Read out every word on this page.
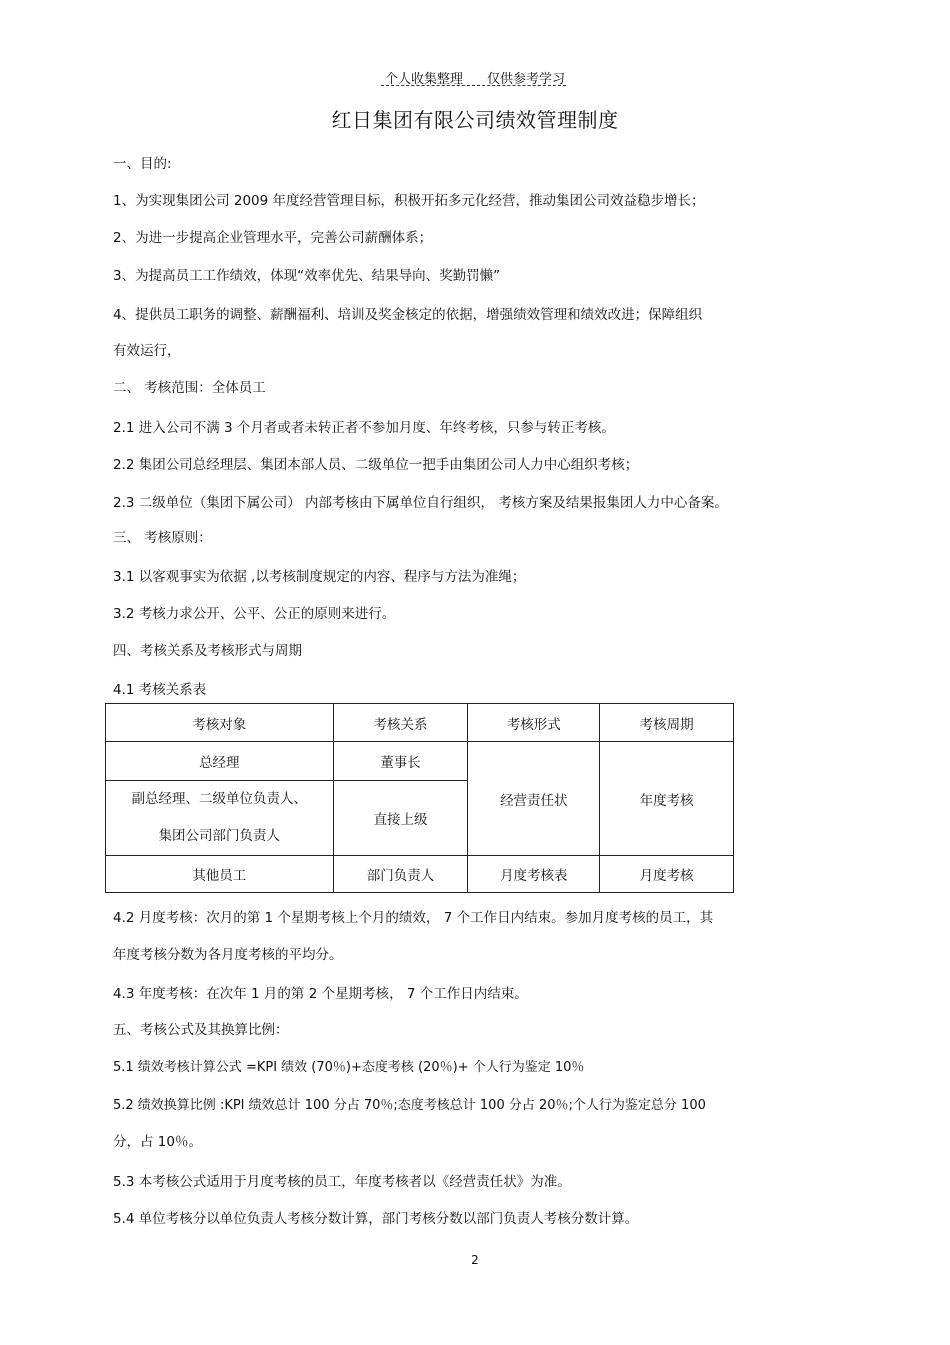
个人收集整理 仅供参考学习
红日集团有限公司绩效管理制度
一、目的:
1、为实现集团公司 2009 年度经营管理目标，积极开拓多元化经营，推动集团公司效益稳步增长；
2、为进一步提高企业管理水平，完善公司薪酬体系；
3、为提高员工工作绩效，体现“效率优先、结果导向、奖勤罚懒”
4、提供员工职务的调整、薪酬福利、培训及奖金核定的依据，增强绩效管理和绩效改进；保障组织
有效运行，
二、 考核范围：全体员工
2.1 进入公司不满 3 个月者或者未转正者不参加月度、年终考核，只参与转正考核。
2.2 集团公司总经理层、集团本部人员、二级单位一把手由集团公司人力中心组织考核；
2.3 二级单位（集团下属公司） 内部考核由下属单位自行组织， 考核方案及结果报集团人力中心备案。
三、 考核原则：
3.1 以客观事实为依据 ,以考核制度规定的内容、程序与方法为准绳；
3.2 考核力求公开、公平、公正的原则来进行。
四、考核关系及考核形式与周期
4.1 考核关系表
考核对象	考核关系	考核形式	考核周期
总经理	董事长	经营责任状	年度考核

副总经理、二级单位负责人、
集团公司部门负责人	直接上级		
其他员工	部门负责人	月度考核表	月度考核
4.2 月度考核：次月的第 1 个星期考核上个月的绩效， 7 个工作日内结束。参加月度考核的员工，其
年度考核分数为各月度考核的平均分。
4.3 年度考核：在次年 1 月的第 2 个星期考核， 7 个工作日内结束。
五、考核公式及其换算比例：
5.1 绩效考核计算公式 =KPI 绩效 (70％)+态度考核 (20％)+ 个人行为鉴定 10％
5.2 绩效换算比例 :KPI 绩效总计 100 分占 70％;态度考核总计 100 分占 20％;个人行为鉴定总分 100
分，占 10％。
5.3 本考核公式适用于月度考核的员工，年度考核者以《经营责任状》为准。
5.4 单位考核分以单位负责人考核分数计算，部门考核分数以部门负责人考核分数计算。
2
